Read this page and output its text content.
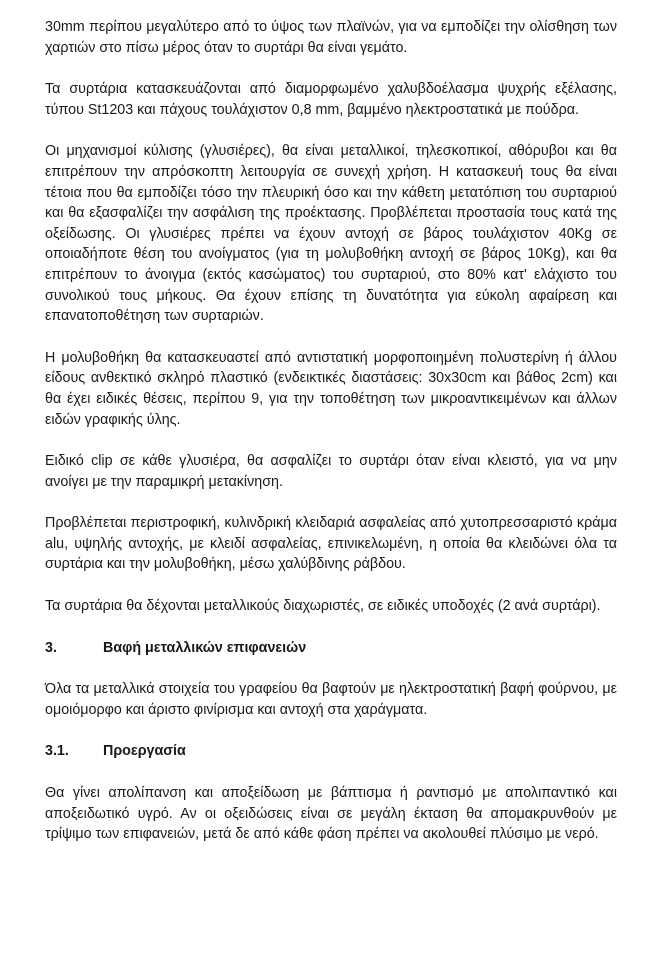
30mm περίπου μεγαλύτερο από το ύψος των πλαϊνών, για να εμποδίζει την ολίσθηση των χαρτιών στο πίσω μέρος όταν το συρτάρι θα είναι γεμάτο.

Τα συρτάρια κατασκευάζονται από διαμορφωμένο χαλυβδοέλασμα ψυχρής εξέλασης, τύπου St1203 και πάχους τουλάχιστον 0,8 mm, βαμμένο ηλεκτροστατικά με πούδρα.

Οι μηχανισμοί κύλισης (γλυσιέρες), θα είναι μεταλλικοί, τηλεσκοπικοί, αθόρυβοι και θα επιτρέπουν την απρόσκοπτη λειτουργία σε συνεχή χρήση. Η κατασκευή τους θα είναι τέτοια που θα εμποδίζει τόσο την πλευρική όσο και την κάθετη μετατόπιση του συρταριού και θα εξασφαλίζει την ασφάλιση της προέκτασης. Προβλέπεται προστασία τους κατά της οξείδωσης. Οι γλυσιέρες πρέπει να έχουν αντοχή σε βάρος τουλάχιστον 40Kg σε οποιαδήποτε θέση του ανοίγματος (για τη μολυβοθήκη αντοχή σε βάρος 10Kg), και θα επιτρέπουν το άνοιγμα (εκτός κασώματος) του συρταριού, στο 80% κατ' ελάχιστο του συνολικού τους μήκους. Θα έχουν επίσης τη δυνατότητα για εύκολη αφαίρεση και επανατοποθέτηση των συρταριών.

Η μολυβοθήκη θα κατασκευαστεί από αντιστατική μορφοποιημένη πολυστερίνη ή άλλου είδους ανθεκτικό σκληρό πλαστικό (ενδεικτικές διαστάσεις: 30x30cm και βάθος 2cm) και θα έχει ειδικές θέσεις, περίπου 9, για την τοποθέτηση των μικροαντικειμένων και άλλων ειδών γραφικής ύλης.

Ειδικό clip σε κάθε γλυσιέρα, θα ασφαλίζει το συρτάρι όταν είναι κλειστό, για να μην ανοίγει με την παραμικρή μετακίνηση.

Προβλέπεται περιστροφική, κυλινδρική κλειδαριά ασφαλείας από χυτοπρεσσαριστό κράμα alu, υψηλής αντοχής, με κλειδί ασφαλείας, επινικελωμένη, η οποία θα κλειδώνει όλα τα συρτάρια και την μολυβοθήκη, μέσω χαλύβδινης ράβδου.

Τα συρτάρια θα δέχονται μεταλλικούς διαχωριστές, σε ειδικές υποδοχές (2 ανά συρτάρι).

3.	Βαφή μεταλλικών επιφανειών

Όλα τα μεταλλικά στοιχεία του γραφείου θα βαφτούν με ηλεκτροστατική βαφή φούρνου, με ομοιόμορφο και άριστο φινίρισμα και αντοχή στα χαράγματα.

3.1.	Προεργασία

Θα γίνει απολίπανση και αποξείδωση με βάπτισμα ή ραντισμό με απολιπαντικό και αποξειδωτικό υγρό. Αν οι οξειδώσεις είναι σε μεγάλη έκταση θα απομακρυνθούν με τρίψιμο των επιφανειών, μετά δε από κάθε φάση πρέπει να ακολουθεί πλύσιμο με νερό.
